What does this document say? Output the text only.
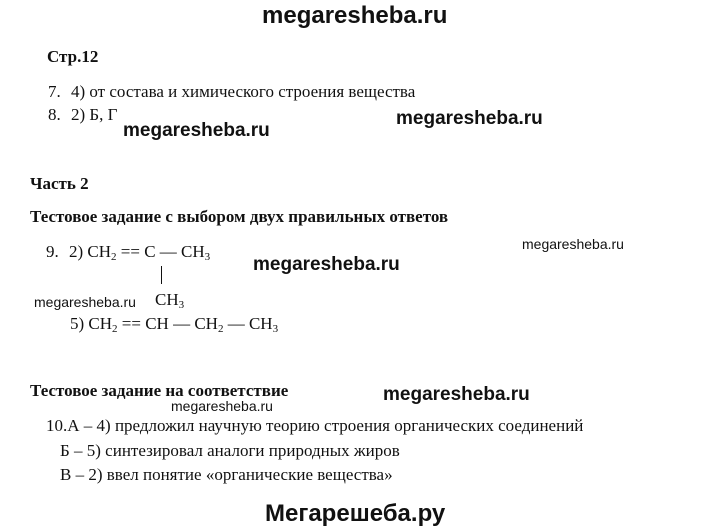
megaresheba.ru
megaresheba.ru
megaresheba.ru
megaresheba.ru
megaresheba.ru
megaresheba.ru
megaresheba.ru
megaresheba.ru
Мегарешеба.ру
Стр.12
7. 4) от состава и химического строения вещества
8. 2) Б, Г
Часть 2
Тестовое задание с выбором двух правильных ответов
9. 2) $CH_2 == C$ — $CH_3$
$CH_3$
5) $CH_2$ == CH — $CH_2$ — $CH_3$
Тестовое задание на соответствие
10.А – 4) предложил научную теорию строения органических соединений
Б – 5) синтезировал аналоги природных жиров
В – 2) ввел понятие «органические вещества»
